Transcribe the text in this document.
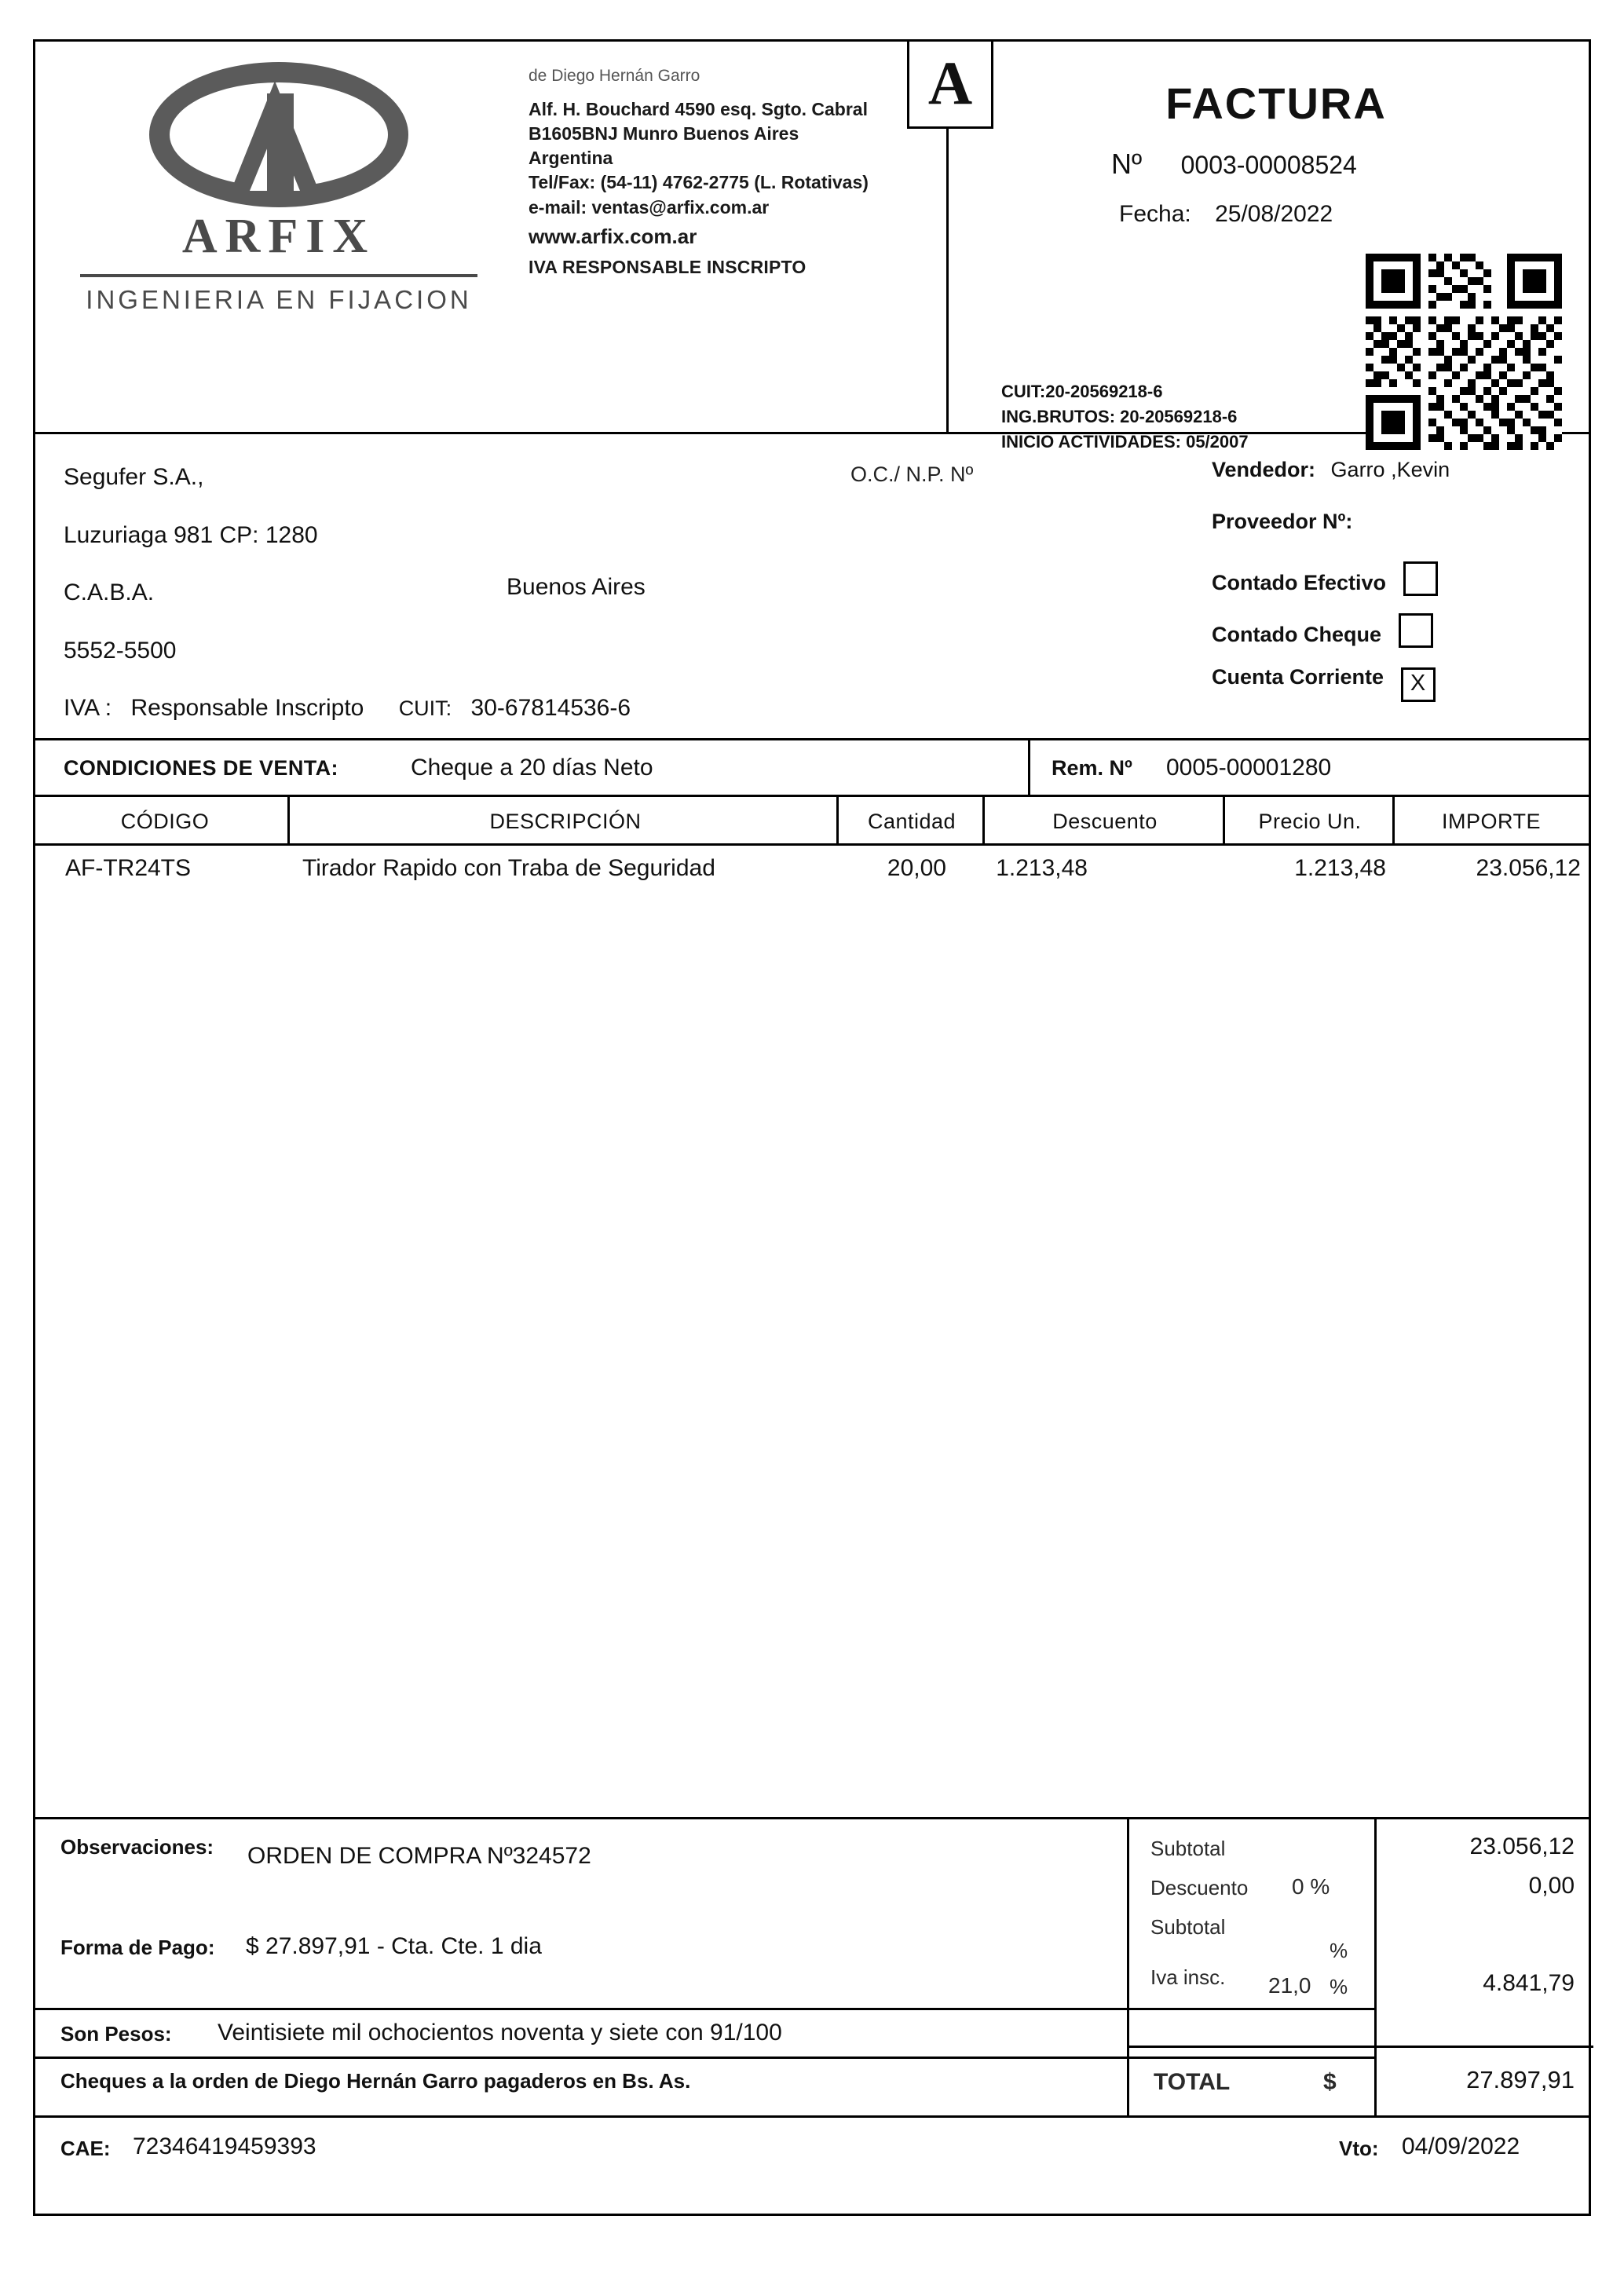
ARFIX
INGENIERIA EN FIJACION
de Diego Hernán Garro
Alf. H. Bouchard 4590 esq. Sgto. Cabral
B1605BNJ Munro Buenos Aires
Argentina
Tel/Fax: (54-11) 4762-2775 (L. Rotativas)
e-mail: ventas@arfix.com.ar
www.arfix.com.ar
IVA RESPONSABLE INSCRIPTO
A	FACTURA
Nº 0003-00008524
Fecha: 25/08/2022
CUIT:20-20569218-6
ING.BRUTOS: 20-20569218-6
INICIO ACTIVIDADES: 05/2007
Segufer S.A.,
Luzuriaga 981 CP: 1280
C.A.B.A.
5552-5500
IVA : Responsable Inscripto CUIT: 30-67814536-6
Buenos Aires
O.C./ N.P. Nº	Vendedor: Garro ,Kevin
Proveedor Nº:
Contado Efectivo
Contado Cheque
Cuenta Corriente X
CONDICIONES DE VENTA:	Cheque a 20 días Neto	Rem. Nº 0005-00001280
CÓDIGO	DESCRIPCIÓN	Cantidad	Descuento	Precio Un.	IMPORTE
AF-TR24TS	Tirador Rapido con Traba de Seguridad	20,00	1.213,48	1.213,48	23.056,12
Observaciones: ORDEN DE COMPRA Nº324572
Forma de Pago: $ 27.897,91 - Cta. Cte. 1 dia
Son Pesos: Veintisiete mil ochocientos noventa y siete con 91/100
Cheques a la orden de Diego Hernán Garro pagaderos en Bs. As.
Subtotal	23.056,12
Descuento 0 %	0,00
Subtotal
%
Iva insc. 21,0 %	4.841,79
TOTAL	$	27.897,91
CAE: 72346419459393	Vto: 04/09/2022
